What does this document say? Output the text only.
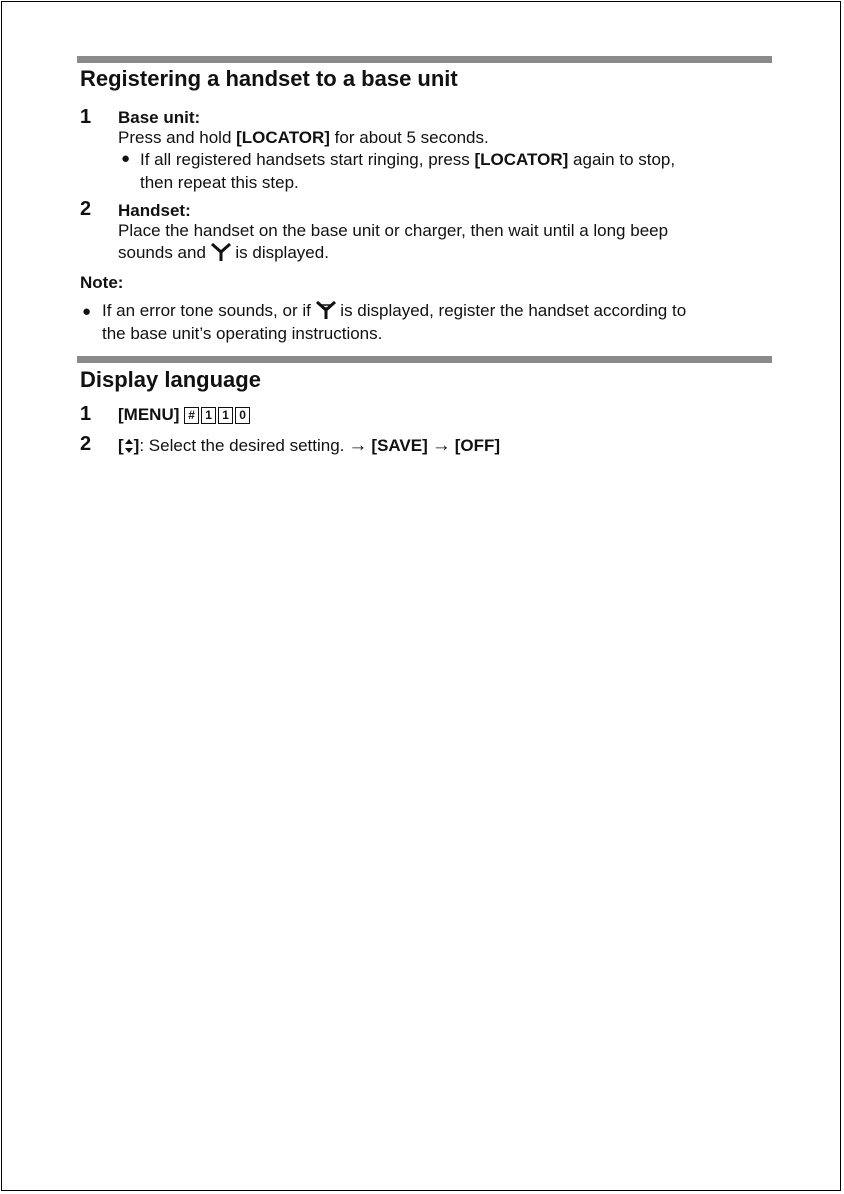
Registering a handset to a base unit
1 Base unit:
Press and hold [LOCATOR] for about 5 seconds.
● If all registered handsets start ringing, press [LOCATOR] again to stop,
then repeat this step.
2 Handset:
Place the handset on the base unit or charger, then wait until a long beep
sounds and  is displayed.
Note:
● If an error tone sounds, or if  is displayed, register the handset according to
the base unit’s operating instructions.
Display language
1 [MENU] # 1 1 0
2 [ ]: Select the desired setting. → [SAVE] → [OFF]
